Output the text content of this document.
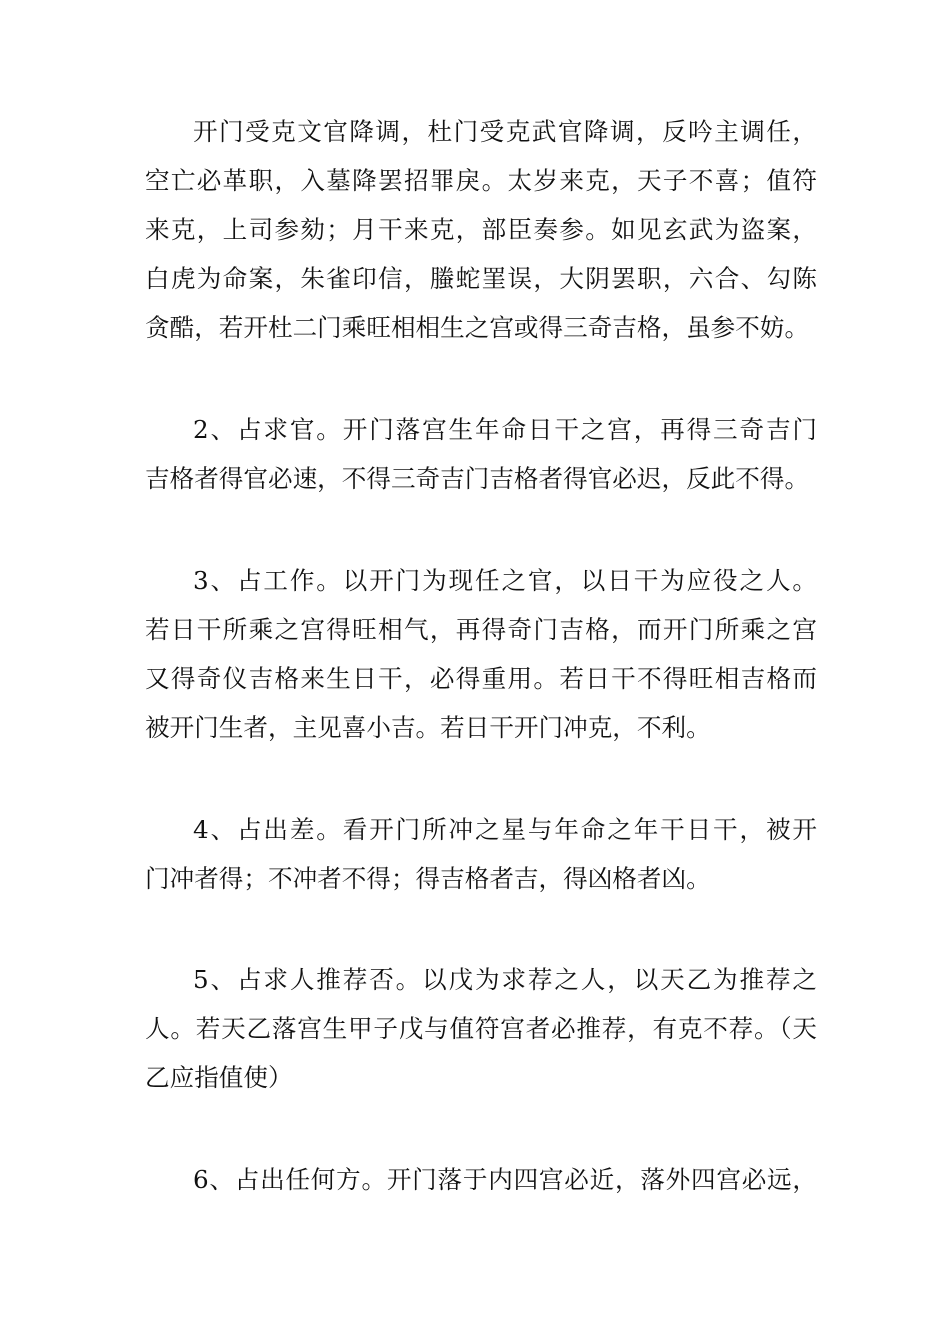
开门受克文官降调，杜门受克武官降调，反吟主调任，
空亡必革职，入墓降罢招罪戾。太岁来克，天子不喜；值符
来克，上司参劾；月干来克，部臣奏参。如见玄武为盗案，
白虎为命案，朱雀印信，螣蛇罣误，大阴罢职，六合、勾陈
贪酷，若开杜二门乘旺相相生之宫或得三奇吉格，虽参不妨。
2、占求官。开门落宫生年命日干之宫，再得三奇吉门
吉格者得官必速，不得三奇吉门吉格者得官必迟，反此不得。
3、占工作。以开门为现任之官，以日干为应役之人。
若日干所乘之宫得旺相气，再得奇门吉格，而开门所乘之宫
又得奇仪吉格来生日干，必得重用。若日干不得旺相吉格而
被开门生者，主见喜小吉。若日干开门冲克，不利。
4、占出差。看开门所冲之星与年命之年干日干，被开
门冲者得；不冲者不得；得吉格者吉，得凶格者凶。
5、占求人推荐否。以戊为求荐之人，以天乙为推荐之
人。若天乙落宫生甲子戊与值符宫者必推荐，有克不荐。（天
乙应指值使）
6、占出任何方。开门落于内四宫必近，落外四宫必远，
